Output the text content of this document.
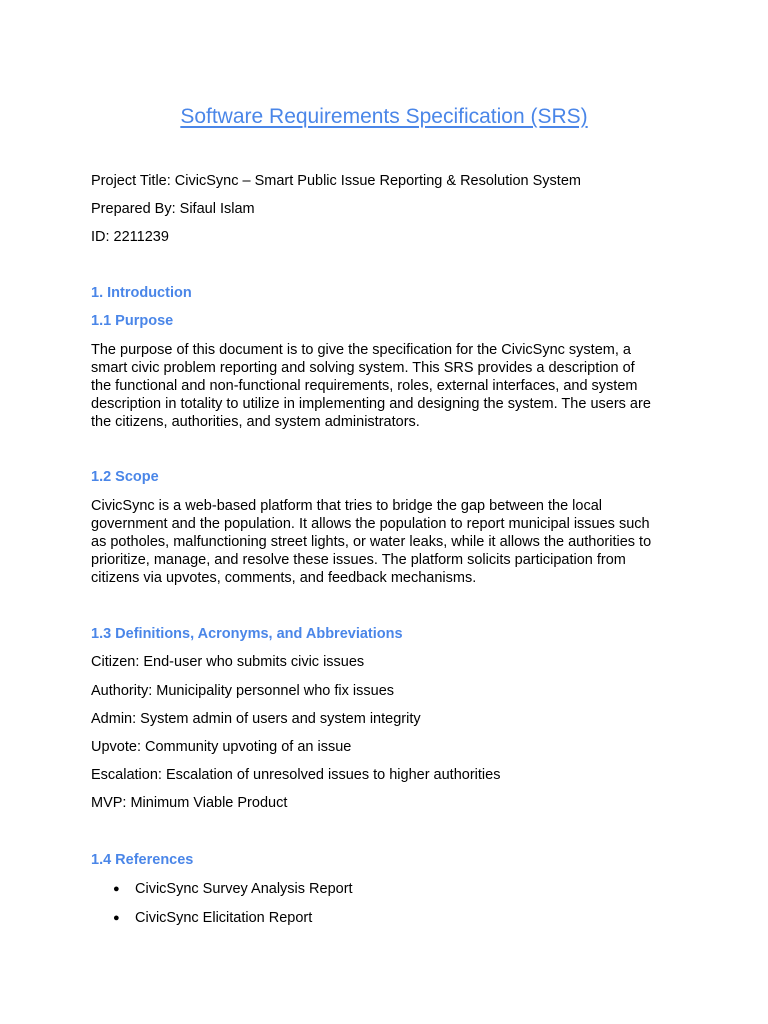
Software Requirements Specification (SRS)
Project Title: CivicSync – Smart Public Issue Reporting & Resolution System
Prepared By: Sifaul Islam
ID: 2211239
1. Introduction
1.1 Purpose
The purpose of this document is to give the specification for the CivicSync system, a
smart civic problem reporting and solving system. This SRS provides a description of
the functional and non-functional requirements, roles, external interfaces, and system
description in totality to utilize in implementing and designing the system. The users are
the citizens, authorities, and system administrators.
1.2 Scope
CivicSync is a web-based platform that tries to bridge the gap between the local
government and the population. It allows the population to report municipal issues such
as potholes, malfunctioning street lights, or water leaks, while it allows the authorities to
prioritize, manage, and resolve these issues. The platform solicits participation from
citizens via upvotes, comments, and feedback mechanisms.
1.3 Definitions, Acronyms, and Abbreviations
Citizen: End-user who submits civic issues
Authority: Municipality personnel who fix issues
Admin: System admin of users and system integrity
Upvote: Community upvoting of an issue
Escalation: Escalation of unresolved issues to higher authorities
MVP: Minimum Viable Product
1.4 References
● CivicSync Survey Analysis Report
● CivicSync Elicitation Report
